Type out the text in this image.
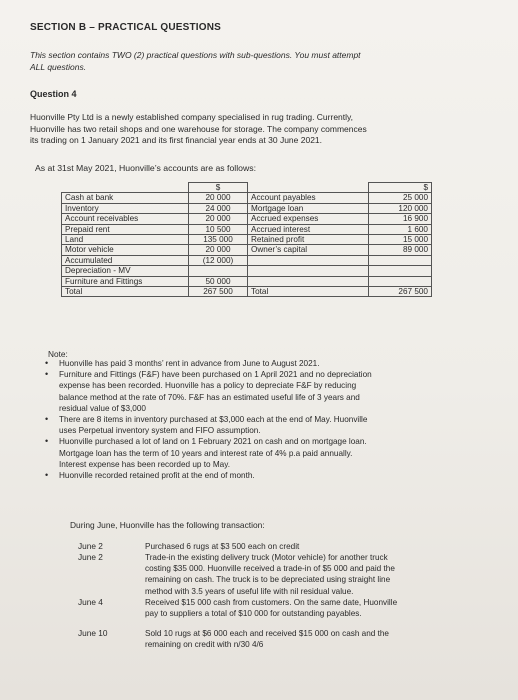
SECTION B – PRACTICAL QUESTIONS
This section contains TWO (2) practical questions with sub-questions. You must attempt
ALL questions.
Question 4
Huonville Pty Ltd is a newly established company specialised in rug trading. Currently,
Huonville has two retail shops and one warehouse for storage. The company commences
its trading on 1 January 2021 and its first financial year ends at 30 June 2021.
As at 31st May 2021, Huonville’s accounts are as follows:
	$		$
Cash at bank	20 000	Account payables	25 000
Inventory	24 000	Mortgage loan	120 000
Account receivables	20 000	Accrued expenses	16 900
Prepaid rent	10 500	Accrued interest	1 600
Land	135 000	Retained profit	15 000
Motor vehicle	20 000	Owner’s capital	89 000
Accumulated	(12 000)		
Depreciation - MV			
Furniture and Fittings	50 000		
Total	267 500	Total	267 500
Note:
• Huonville has paid 3 months’ rent in advance from June to August 2021.
• Furniture and Fittings (F&F) have been purchased on 1 April 2021 and no depreciation
expense has been recorded. Huonville has a policy to depreciate F&F by reducing
balance method at the rate of 70%. F&F has an estimated useful life of 3 years and
residual value of $3,000
• There are 8 items in inventory purchased at $3,000 each at the end of May. Huonville
uses Perpetual inventory system and FIFO assumption.
• Huonville purchased a lot of land on 1 February 2021 on cash and on mortgage loan.
Mortgage loan has the term of 10 years and interest rate of 4% p.a paid annually.
Interest expense has been recorded up to May.
• Huonville recorded retained profit at the end of month.
During June, Huonville has the following transaction:
June 2	Purchased 6 rugs at $3 500 each on credit
June 2	Trade-in the existing delivery truck (Motor vehicle) for another truck
costing $35 000. Huonville received a trade-in of $5 000 and paid the
remaining on cash. The truck is to be depreciated using straight line
method with 3.5 years of useful life with nil residual value.
June 4	Received $15 000 cash from customers. On the same date, Huonville
pay to suppliers a total of $10 000 for outstanding payables.
June 10	Sold 10 rugs at $6 000 each and received $15 000 on cash and the
remaining on credit with n/30 4/6
